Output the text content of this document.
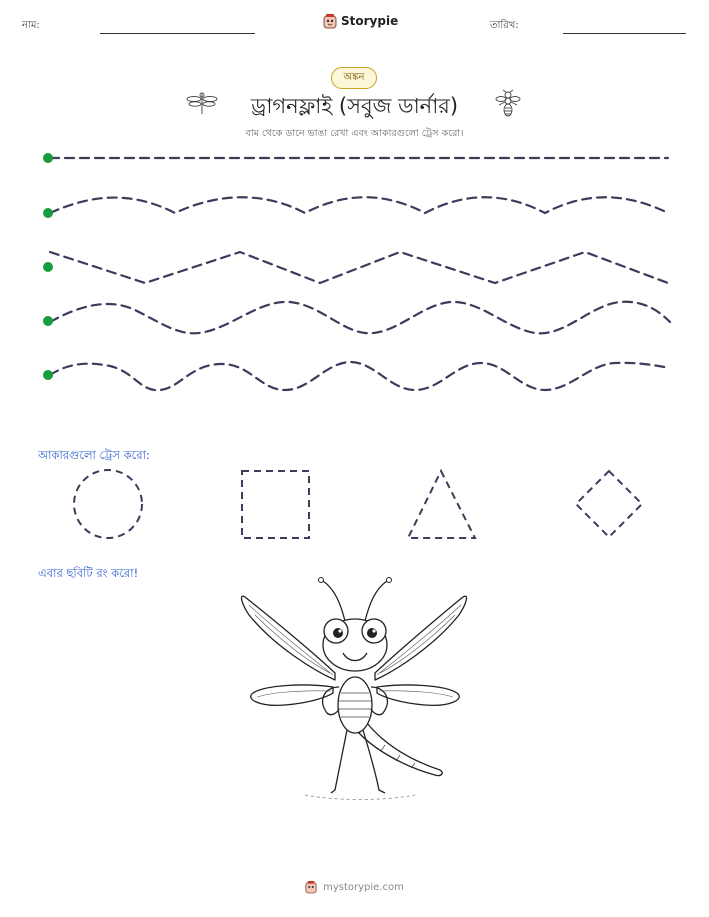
নাম:	Storypie	তারিখ:
অঙ্কন
ড্রাগনফ্লাই (সবুজ ডার্নার)
বাম থেকে ডানে ভাঙা রেখা এবং আকারগুলো ট্রেস করো।
আকারগুলো ট্রেস করো:
এবার ছবিটি রং করো!
mystorypie.com
